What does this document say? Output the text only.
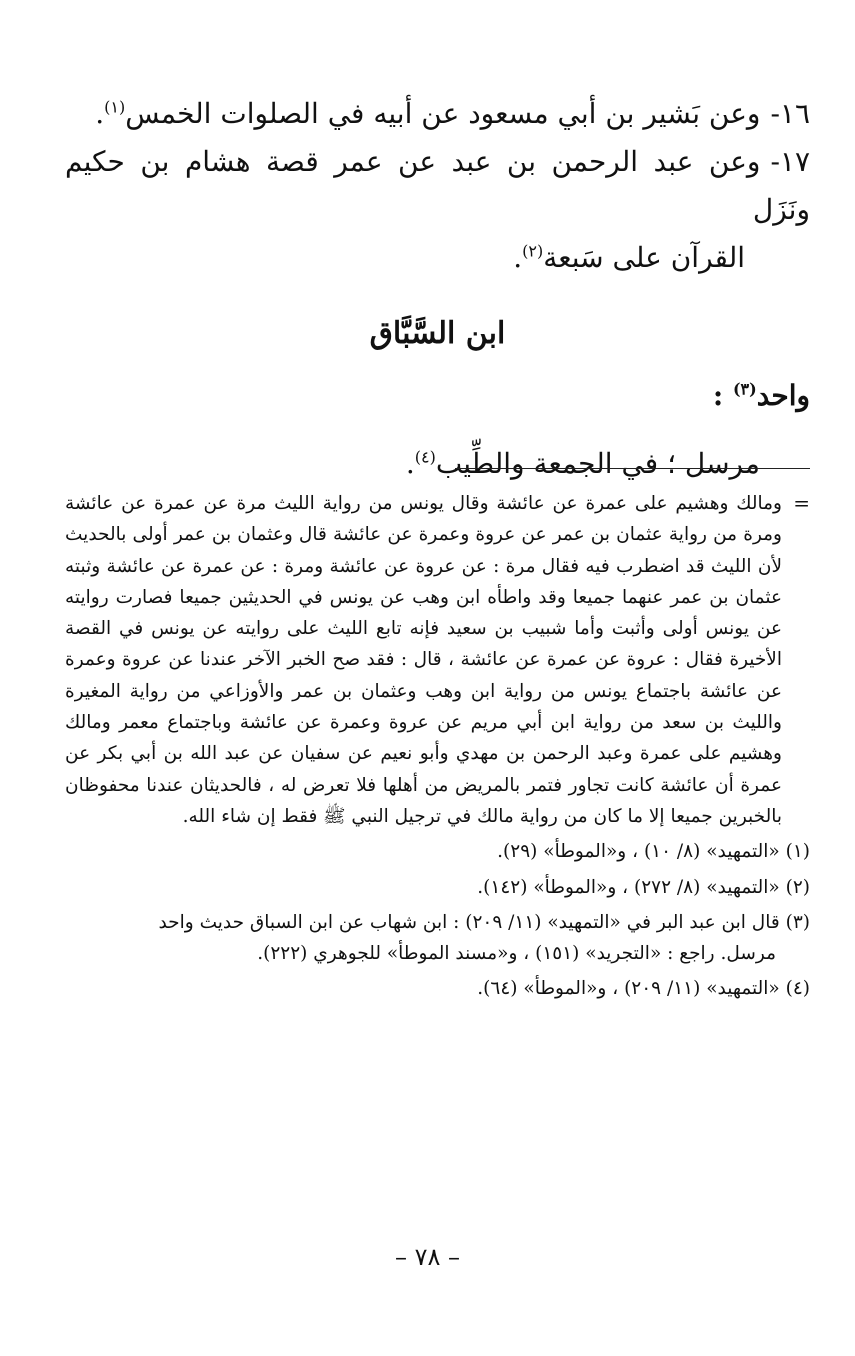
١٦-وعن بَشير بن أبي مسعود عن أبيه في الصلوات الخمس$^{(١)}$.

١٧-وعن عبد الرحمن بن عبد عن عمر قصة هشام بن حكيم ونَزَل
القرآن على سَبعة$^{(٢)}$.

ابن السَّبَّاق
واحد$^{(٣)}$ :
مرسل ؛ في الجمعة والطِّيب$^{(٤)}$.
=
ومالك وهشيم على عمرة عن عائشة وقال يونس من رواية الليث مرة عن عمرة عن عائشة ومرة من رواية عثمان بن عمر عن عروة وعمرة عن عائشة قال وعثمان بن عمر أولى بالحديث لأن الليث قد اضطرب فيه فقال مرة : عن عروة عن عائشة ومرة : عن عمرة عن عائشة وثبته عثمان بن عمر عنهما جميعا وقد واطأه ابن وهب عن يونس في الحديثين جميعا فصارت روايته عن يونس أولى وأثبت وأما شبيب بن سعيد فإنه تابع الليث على روايته عن يونس في القصة الأخيرة فقال : عروة عن عمرة عن عائشة ، قال : فقد صح الخبر الآخر عندنا عن عروة وعمرة عن عائشة باجتماع يونس من رواية ابن وهب وعثمان بن عمر والأوزاعي من رواية المغيرة والليث بن سعد من رواية ابن أبي مريم عن عروة وعمرة عن عائشة وباجتماع معمر ومالك وهشيم على عمرة وعبد الرحمن بن مهدي وأبو نعيم عن سفيان عن عبد الله بن أبي بكر عن عمرة أن عائشة كانت تجاور فتمر بالمريض من أهلها فلا تعرض له ، فالحديثان عندنا محفوظان بالخبرين جميعا إلا ما كان من رواية مالك في ترجيل النبي ﷺ فقط إن شاء الله.
(١) «التمهيد» (٨/ ١٠) ، و«الموطأ» (٢٩).
(٢) «التمهيد» (٨/ ٢٧٢) ، و«الموطأ» (١٤٢).
(٣) قال ابن عبد البر في «التمهيد» (١١/ ٢٠٩) : ابن شهاب عن ابن السباق حديث واحد
مرسل. راجع : «التجريد» (١٥١) ، و«مسند الموطأ» للجوهري (٢٢٢).
(٤) «التمهيد» (١١/ ٢٠٩) ، و«الموطأ» (٦٤).
– ٧٨ –
